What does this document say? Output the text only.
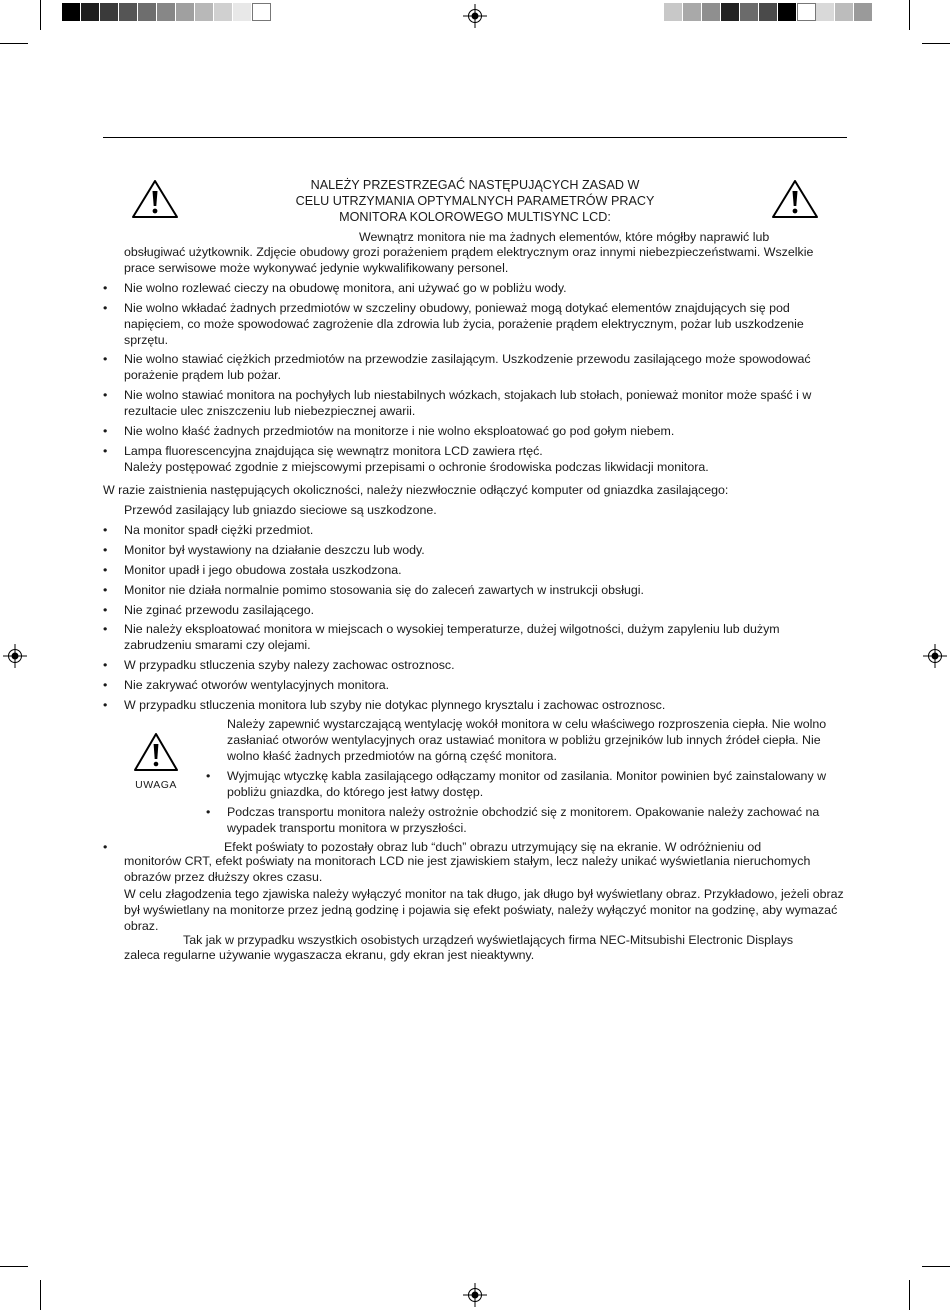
NALEŻY PRZESTRZEGAĆ NASTĘPUJĄCYCH ZASAD W
CELU UTRZYMANIA OPTYMALNYCH PARAMETRÓW PRACY
MONITORA KOLOROWEGO MULTISYNC LCD:
Wewnątrz monitora nie ma żadnych elementów, które mógłby naprawić lub
obsługiwać użytkownik. Zdjęcie obudowy grozi porażeniem prądem elektrycznym oraz innymi niebezpieczeństwami. Wszelkie prace serwisowe może wykonywać jedynie wykwalifikowany personel.
• Nie wolno rozlewać cieczy na obudowę monitora, ani używać go w pobliżu wody.
• Nie wolno wkładać żadnych przedmiotów w szczeliny obudowy, ponieważ mogą dotykać elementów znajdujących się pod napięciem, co może spowodować zagrożenie dla zdrowia lub życia, porażenie prądem elektrycznym, pożar lub uszkodzenie sprzętu.
• Nie wolno stawiać ciężkich przedmiotów na przewodzie zasilającym. Uszkodzenie przewodu zasilającego może spowodować porażenie prądem lub pożar.
• Nie wolno stawiać monitora na pochyłych lub niestabilnych wózkach, stojakach lub stołach, ponieważ monitor może spaść i w rezultacie ulec zniszczeniu lub niebezpiecznej awarii.
• Nie wolno kłaść żadnych przedmiotów na monitorze i nie wolno eksploatować go pod gołym niebem.
• Lampa fluorescencyjna znajdująca się wewnątrz monitora LCD zawiera rtęć.
Należy postępować zgodnie z miejscowymi przepisami o ochronie środowiska podczas likwidacji monitora.
W razie zaistnienia następujących okoliczności, należy niezwłocznie odłączyć komputer od gniazdka zasilającego:
Przewód zasilający lub gniazdo sieciowe są uszkodzone.
• Na monitor spadł ciężki przedmiot.
• Monitor był wystawiony na działanie deszczu lub wody.
• Monitor upadł i jego obudowa została uszkodzona.
• Monitor nie działa normalnie pomimo stosowania się do zaleceń zawartych w instrukcji obsługi.
• Nie zginać przewodu zasilającego.
• Nie należy eksploatować monitora w miejscach o wysokiej temperaturze, dużej wilgotności, dużym zapyleniu lub dużym zabrudzeniu smarami czy olejami.
• W przypadku stluczenia szyby nalezy zachowac ostroznosc.
• Nie zakrywać otworów wentylacyjnych monitora.
• W przypadku stluczenia monitora lub szyby nie dotykac plynnego krysztalu i zachowac ostroznosc.
UWAGA
Należy zapewnić wystarczającą wentylację wokół monitora w celu właściwego rozproszenia ciepła. Nie wolno zasłaniać otworów wentylacyjnych oraz ustawiać monitora w pobliżu grzejników lub innych źródeł ciepła. Nie wolno kłaść żadnych przedmiotów na górną część monitora.
• Wyjmując wtyczkę kabla zasilającego odłączamy monitor od zasilania. Monitor powinien być zainstalowany w pobliżu gniazdka, do którego jest łatwy dostęp.
• Podczas transportu monitora należy ostrożnie obchodzić się z monitorem. Opakowanie należy zachować na wypadek transportu monitora w przyszłości.
•	Efekt poświaty to pozostały obraz lub “duch” obrazu utrzymujący się na ekranie. W odróżnieniu od
monitorów CRT, efekt poświaty na monitorach LCD nie jest zjawiskiem stałym, lecz należy unikać wyświetlania nieruchomych obrazów przez dłuższy okres czasu.
W celu złagodzenia tego zjawiska należy wyłączyć monitor na tak długo, jak długo był wyświetlany obraz. Przykładowo, jeżeli obraz był wyświetlany na monitorze przez jedną godzinę i pojawia się efekt poświaty, należy wyłączyć monitor na godzinę, aby wymazać obraz.
Tak jak w przypadku wszystkich osobistych urządzeń wyświetlających firma NEC-Mitsubishi Electronic Displays
zaleca regularne używanie wygaszacza ekranu, gdy ekran jest nieaktywny.
